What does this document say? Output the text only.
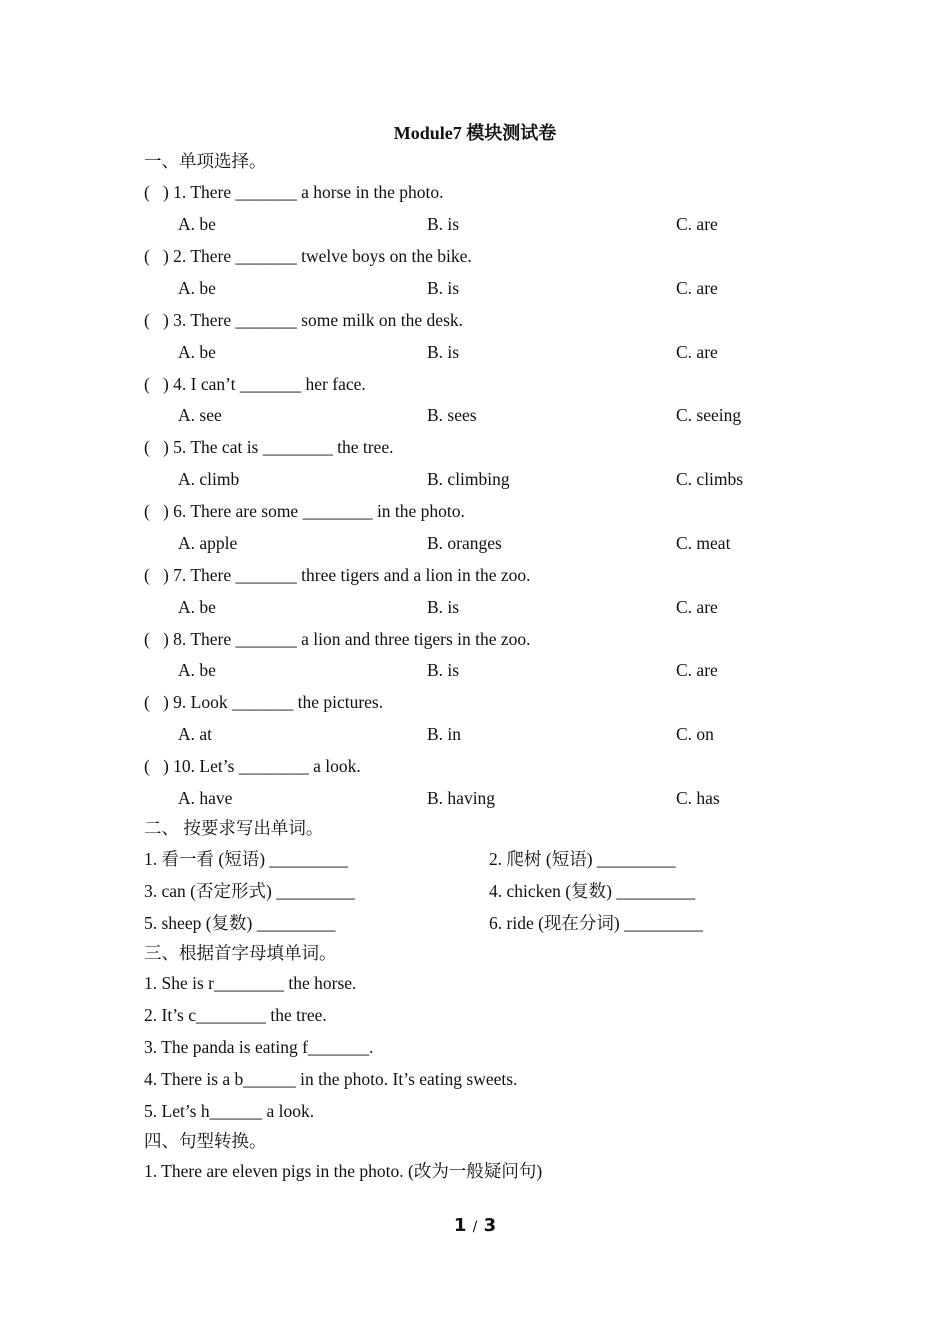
Module7 模块测试卷
一、单项选择。
(   ) 1. There _______ a horse in the photo.
A. be	B. is	C. are
(   ) 2. There _______ twelve boys on the bike.
A. be	B. is	C. are
(   ) 3. There _______ some milk on the desk.
A. be	B. is	C. are
(   ) 4. I can’t _______ her face.
A. see	B. sees	C. seeing
(   ) 5. The cat is ________ the tree.
A. climb	B. climbing	C. climbs
(   ) 6. There are some ________ in the photo.
A. apple	B. oranges	C. meat
(   ) 7. There _______ three tigers and a lion in the zoo.
A. be	B. is	C. are
(   ) 8. There _______ a lion and three tigers in the zoo.
A. be	B. is	C. are
(   ) 9. Look _______ the pictures.
A. at	B. in	C. on
(   ) 10. Let’s ________ a look.
A. have	B. having	C. has
二、 按要求写出单词。
1. 看一看 (短语) _________	2. 爬树 (短语) _________
3. can (否定形式) _________	4. chicken (复数) _________
5. sheep (复数) _________	6. ride (现在分词) _________
三、根据首字母填单词。
1. She is r________ the horse.
2. It’s c________ the tree.
3. The panda is eating f_______.
4. There is a b______ in the photo. It’s eating sweets.
5. Let’s h______ a look.
四、句型转换。
1. There are eleven pigs in the photo. (改为一般疑问句)
1 / 3
